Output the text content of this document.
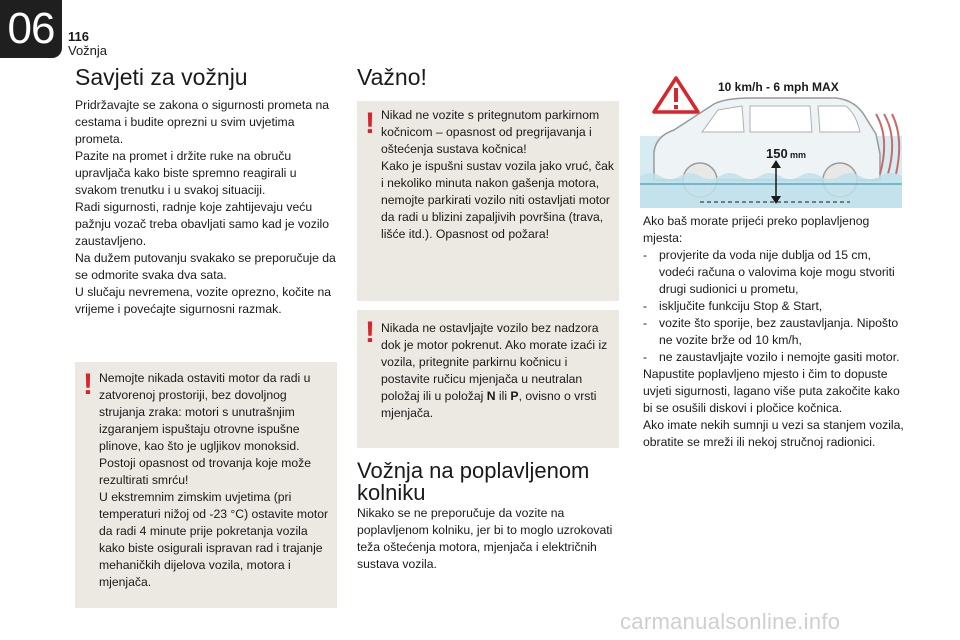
06	116
Vožnja
Savjeti za vožnju

Pridržavajte se zakona o sigurnosti prometa na cestama i budite oprezni u svim uvjetima prometa.

Pazite na promet i držite ruke na obruču upravljača kako biste spremno reagirali u svakom trenutku i u svakoj situaciji.

Radi sigurnosti, radnje koje zahtijevaju veću pažnju vozač treba obavljati samo kad je vozilo zaustavljeno.

Na dužem putovanju svakako se preporučuje da se odmorite svaka dva sata.

U slučaju nevremena, vozite oprezno, kočite na vrijeme i povećajte sigurnosni razmak.

! Nemojte nikada ostaviti motor da radi u zatvorenoj prostoriji, bez dovoljnog strujanja zraka: motori s unutrašnjim izgaranjem ispuštaju otrovne ispušne plinove, kao što je ugljikov monoksid. Postoji opasnost od trovanja koje može rezultirati smrću!

U ekstremnim zimskim uvjetima (pri temperaturi nižoj od -23 °C) ostavite motor da radi 4 minute prije pokretanja vozila kako biste osigurali ispravan rad i trajanje mehaničkih dijelova vozila, motora i mjenjača.

Važno!
! Nikad ne vozite s pritegnutom parkirnom kočnicom – opasnost od pregrijavanja i oštećenja sustava kočnica!

Kako je ispušni sustav vozila jako vruć, čak i nekoliko minuta nakon gašenja motora, nemojte parkirati vozilo niti ostavljati motor da radi u blizini zapaljivih površina (trava, lišće itd.). Opasnost od požara!

! Nikada ne ostavljajte vozilo bez nadzora dok je motor pokrenut. Ako morate izaći iz vozila, pritegnite parkirnu kočnicu i postavite ručicu mjenjača u neutralan položaj ili u položaj N ili P, ovisno o vrsti mjenjača.

Vožnja na poplavljenom
kolniku

Nikako se ne preporučuje da vozite na poplavljenom kolniku, jer bi to moglo uzrokovati teža oštećenja motora, mjenjača i električnih sustava vozila.

10 km/h - 6 mph MAX
150 mm

Ako baš morate prijeći preko poplavljenog mjesta:

- provjerite da voda nije dublja od 15 cm, vodeći računa o valovima koje mogu stvoriti drugi sudionici u prometu,
- isključite funkciju Stop & Start,
- vozite što sporije, bez zaustavljanja. Nipošto ne vozite brže od 10 km/h,
- ne zaustavljajte vozilo i nemojte gasiti motor.

Napustite poplavljeno mjesto i čim to dopuste uvjeti sigurnosti, lagano više puta zakočite kako bi se osušili diskovi i pločice kočnica.

Ako imate nekih sumnji u vezi sa stanjem vozila, obratite se mreži ili nekoj stručnoj radionici.

carmanualsonline.info
